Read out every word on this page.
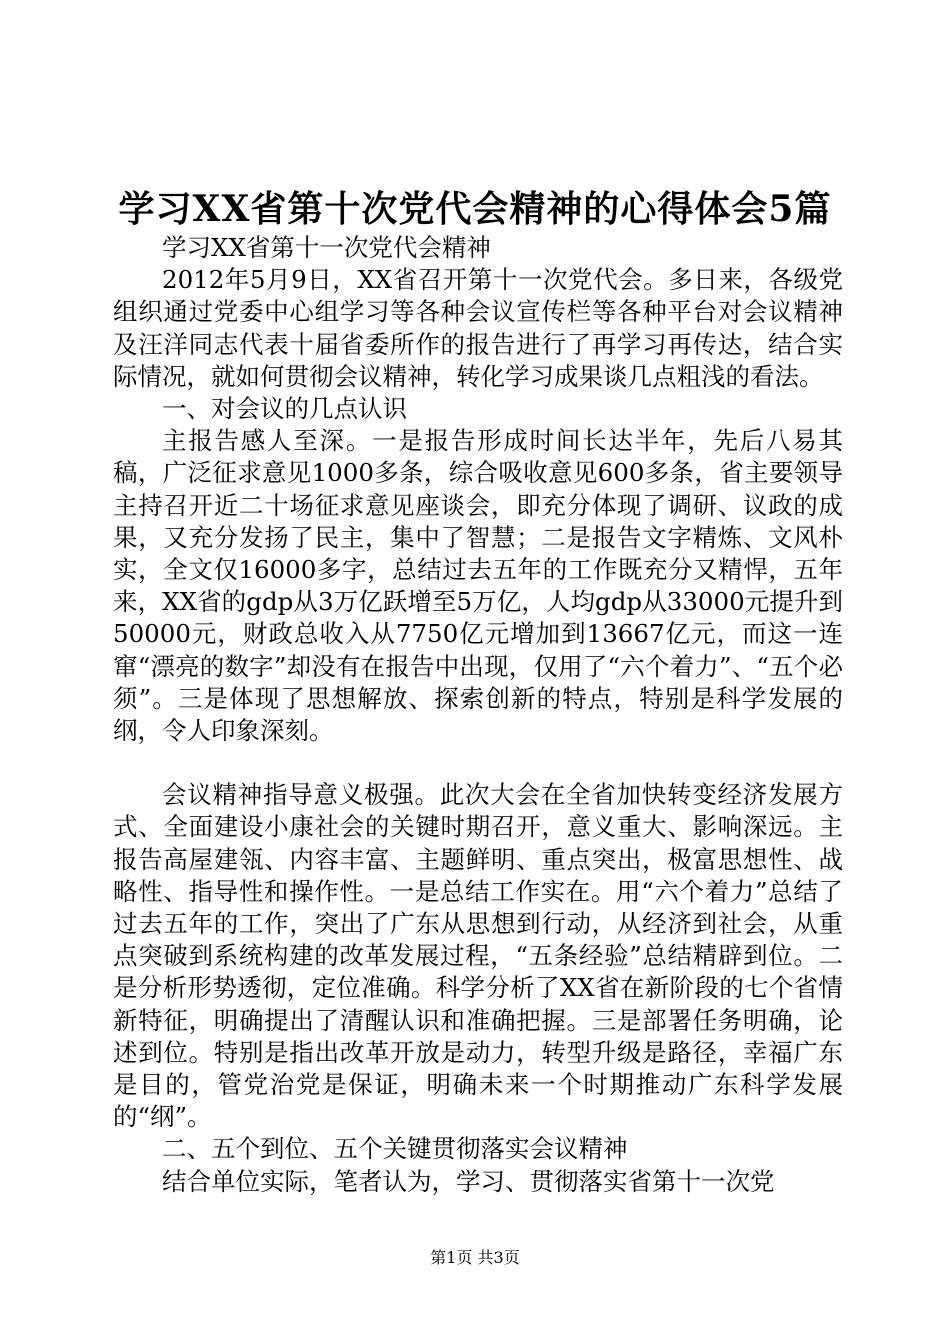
学习XX省第十次党代会精神的心得体会5篇

学习XX省第十一次党代会精神

2012年5月9日，XX省召开第十一次党代会。多日来，各级党组织通过党委中心组学习等各种会议宣传栏等各种平台对会议精神及汪洋同志代表十届省委所作的报告进行了再学习再传达，结合实际情况，就如何贯彻会议精神，转化学习成果谈几点粗浅的看法。

一、对会议的几点认识

主报告感人至深。一是报告形成时间长达半年，先后八易其稿，广泛征求意见1000多条，综合吸收意见600多条，省主要领导主持召开近二十场征求意见座谈会，即充分体现了调研、议政的成果，又充分发扬了民主，集中了智慧；二是报告文字精炼、文风朴实，全文仅16000多字，总结过去五年的工作既充分又精悍，五年来，XX省的gdp从3万亿跃增至5万亿，人均gdp从33000元提升到50000元，财政总收入从7750亿元增加到13667亿元，而这一连窜“漂亮的数字”却没有在报告中出现，仅用了“六个着力”、“五个必须”。三是体现了思想解放、探索创新的特点，特别是科学发展的纲，令人印象深刻。

会议精神指导意义极强。此次大会在全省加快转变经济发展方式、全面建设小康社会的关键时期召开，意义重大、影响深远。主报告高屋建瓴、内容丰富、主题鲜明、重点突出，极富思想性、战略性、指导性和操作性。一是总结工作实在。用“六个着力”总结了过去五年的工作，突出了广东从思想到行动，从经济到社会，从重点突破到系统构建的改革发展过程，“五条经验”总结精辟到位。二是分析形势透彻，定位准确。科学分析了XX省在新阶段的七个省情新特征，明确提出了清醒认识和准确把握。三是部署任务明确，论述到位。特别是指出改革开放是动力，转型升级是路径，幸福广东是目的，管党治党是保证，明确未来一个时期推动广东科学发展的“纲”。

二、五个到位、五个关键贯彻落实会议精神

结合单位实际，笔者认为，学习、贯彻落实省第十一次党

第1页 共3页
